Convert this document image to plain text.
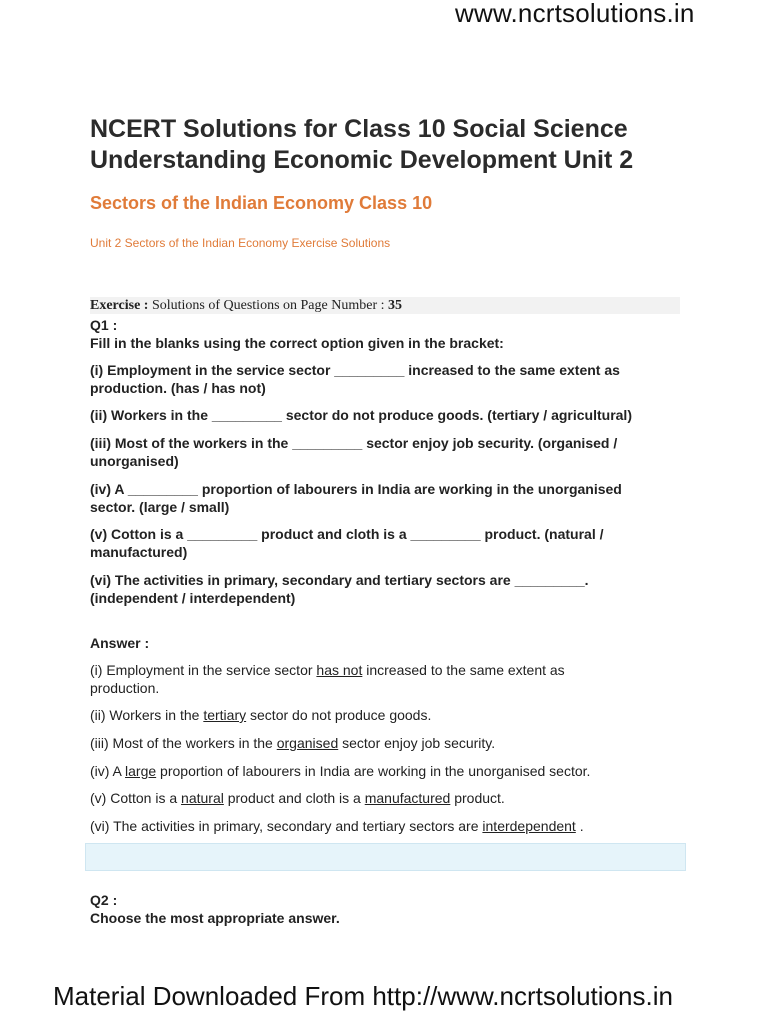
www.ncrtsolutions.in
NCERT Solutions for Class 10 Social Science
Understanding Economic Development Unit 2
Sectors of the Indian Economy Class 10
Unit 2 Sectors of the Indian Economy Exercise Solutions
Exercise : Solutions of Questions on Page Number : 35
Q1 :
Fill in the blanks using the correct option given in the bracket:
(i) Employment in the service sector _________ increased to the same extent as
production. (has / has not)
(ii) Workers in the _________ sector do not produce goods. (tertiary / agricultural)
(iii) Most of the workers in the _________ sector enjoy job security. (organised /
unorganised)
(iv) A _________ proportion of labourers in India are working in the unorganised
sector. (large / small)
(v) Cotton is a _________ product and cloth is a _________ product. (natural /
manufactured)
(vi) The activities in primary, secondary and tertiary sectors are _________.
(independent / interdependent)
Answer :
(i) Employment in the service sector has not increased to the same extent as
production.
(ii) Workers in the tertiary sector do not produce goods.
(iii) Most of the workers in the organised sector enjoy job security.
(iv) A large proportion of labourers in India are working in the unorganised sector.
(v) Cotton is a natural product and cloth is a manufactured product.
(vi) The activities in primary, secondary and tertiary sectors are interdependent .
Q2 :
Choose the most appropriate answer.
Material Downloaded From http://www.ncrtsolutions.in
